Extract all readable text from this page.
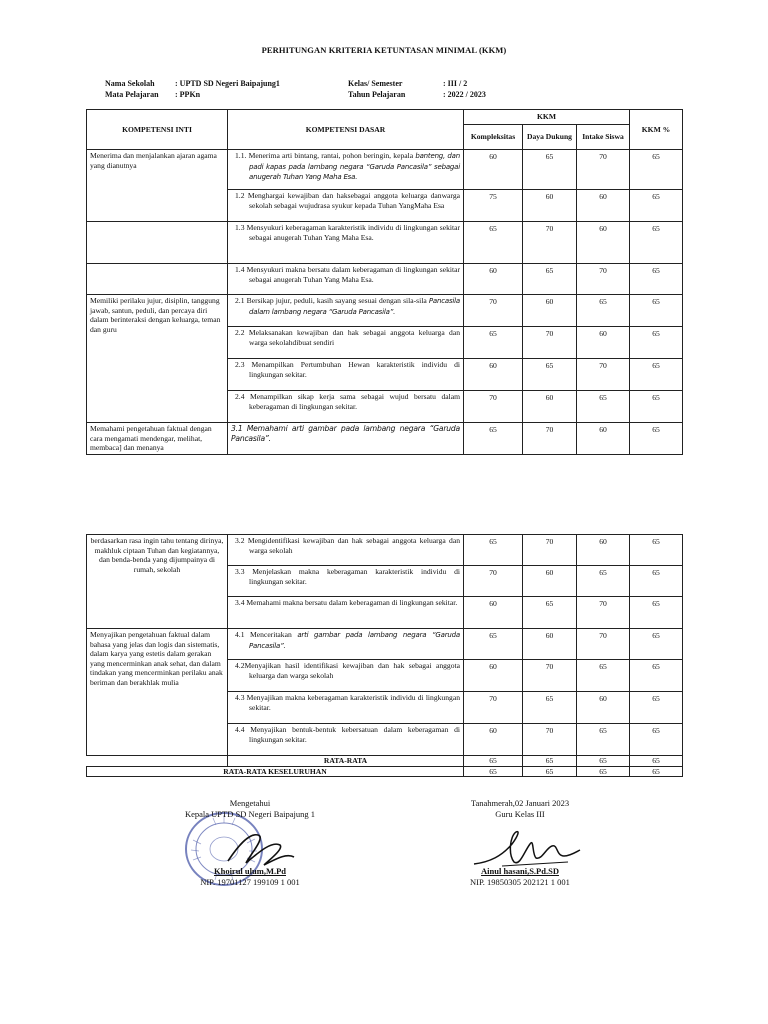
PERHITUNGAN KRITERIA KETUNTASAN MINIMAL (KKM)
Nama Sekolah	: UPTD SD Negeri Baipajung1
Mata Pelajaran : PPKn
Kelas/ Semester	: III / 2
Tahun Pelajaran	: 2022 / 2023
KOMPETENSI INTI	KOMPETENSI DASAR	KKM			KKM %
		Kompleksitas	Daya Dukung	Intake Siswa	
Menerima dan menjalankan ajaran agama yang dianutnya	1.1. Menerima arti bintang, rantai, pohon beringin, kepala banteng, dan padi kapas pada lambang negara “Garuda Pancasila” sebagai anugerah Tuhan Yang Maha Esa.	60	65	70	65

	1.2 Menghargai kewajiban dan haksebagai anggota keluarga danwarga sekolah sebagai wujudrasa syukur kepada Tuhan YangMaha Esa	75	60	60	65

	1.3 Mensyukuri keberagaman karakteristik individu di lingkungan sekitar sebagai anugerah Tuhan Yang Maha Esa.	65	70	60	65

	1.4 Mensyukuri makna bersatu dalam keberagaman di lingkungan sekitar sebagai anugerah Tuhan Yang Maha Esa.	60	65	70	65
Memiliki perilaku jujur, disiplin, tanggung jawab, santun, peduli, dan percaya diri dalam berinteraksi dengan keluarga, teman dan guru	2.1 Bersikap jujur, peduli, kasih sayang sesuai dengan sila-sila Pancasila dalam lambang negara “Garuda Pancasila”.	70	60	65	65

	2.2 Melaksanakan kewajiban dan hak sebagai anggota keluarga dan warga sekolahdibuat sendiri	65	70	60	65

	2.3 Menampilkan Pertumbuhan Hewan karakteristik individu di lingkungan sekitar.	60	65	70	65

	2.4 Menampilkan sikap kerja sama sebagai wujud bersatu dalam keberagaman di lingkungan sekitar.	70	60	65	65
Memahami pengetahuan faktual dengan cara mengamati mendengar, melihat, membaca] dan menanya	3.1 Memahami arti gambar pada lambang negara “Garuda Pancasila”.	65	70	60	65
berdasarkan rasa ingin tahu tentang dirinya, makhluk ciptaan Tuhan dan kegiatannya, dan benda-benda yang dijumpainya di rumah, sekolah	3.2 Mengidentifikasi kewajiban dan hak sebagai anggota keluarga dan warga sekolah	65	70	60	65

	3.3 Menjelaskan makna keberagaman karakteristik individu di lingkungan sekitar.	70	60	65	65

	3.4 Memahami makna bersatu dalam keberagaman di lingkungan sekitar.	60	65	70	65
Menyajikan pengetahuan faktual dalam bahasa yang jelas dan logis dan sistematis, dalam karya yang estetis dalam gerakan yang mencerminkan anak sehat, dan dalam tindakan yang mencerminkan perilaku anak beriman dan berakhlak mulia	4.1 Menceritakan arti gambar pada lambang negara “Garuda Pancasila”.	65	60	70	65

	4.2Menyajikan hasil identifikasi kewajiban dan hak sebagai anggota keluarga dan warga sekolah	60	70	65	65

	4.3 Menyajikan makna keberagaman karakteristik individu di lingkungan sekitar.	70	65	60	65

	4.4 Menyajikan bentuk-bentuk kebersatuan dalam keberagaman di lingkungan sekitar.	60	70	65	65
	RATA-RATA	65	65	65	65
RATA-RATA KESELURUHAN		65	65	65	65
Mengetahui
Kepala UPTD SD Negeri Baipajung 1
Khoirul ulum,M.Pd
NIP. 19701127 199109 1 001
Tanahmerah,02 Januari 2023
Guru Kelas III
Ainul hasani,S.Pd.SD
NIP. 19850305 202121 1 001
